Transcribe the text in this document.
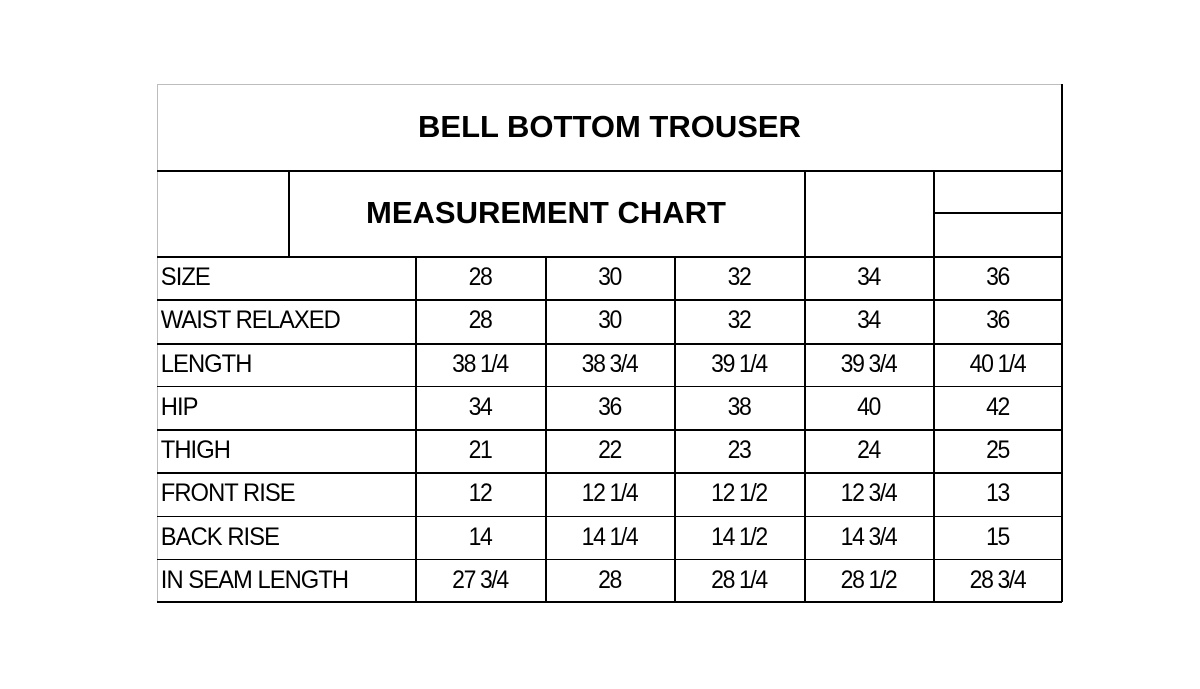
BELL BOTTOM TROUSER
MEASUREMENT CHART
SIZE	28	30	32	34	36
WAIST RELAXED	28	30	32	34	36
LENGTH	38 1/4	38 3/4	39 1/4	39 3/4	40 1/4
HIP	34	36	38	40	42
THIGH	21	22	23	24	25
FRONT RISE	12	12 1/4	12 1/2	12 3/4	13
BACK RISE	14	14 1/4	14 1/2	14 3/4	15
IN SEAM LENGTH	27 3/4	28	28 1/4	28 1/2	28 3/4
